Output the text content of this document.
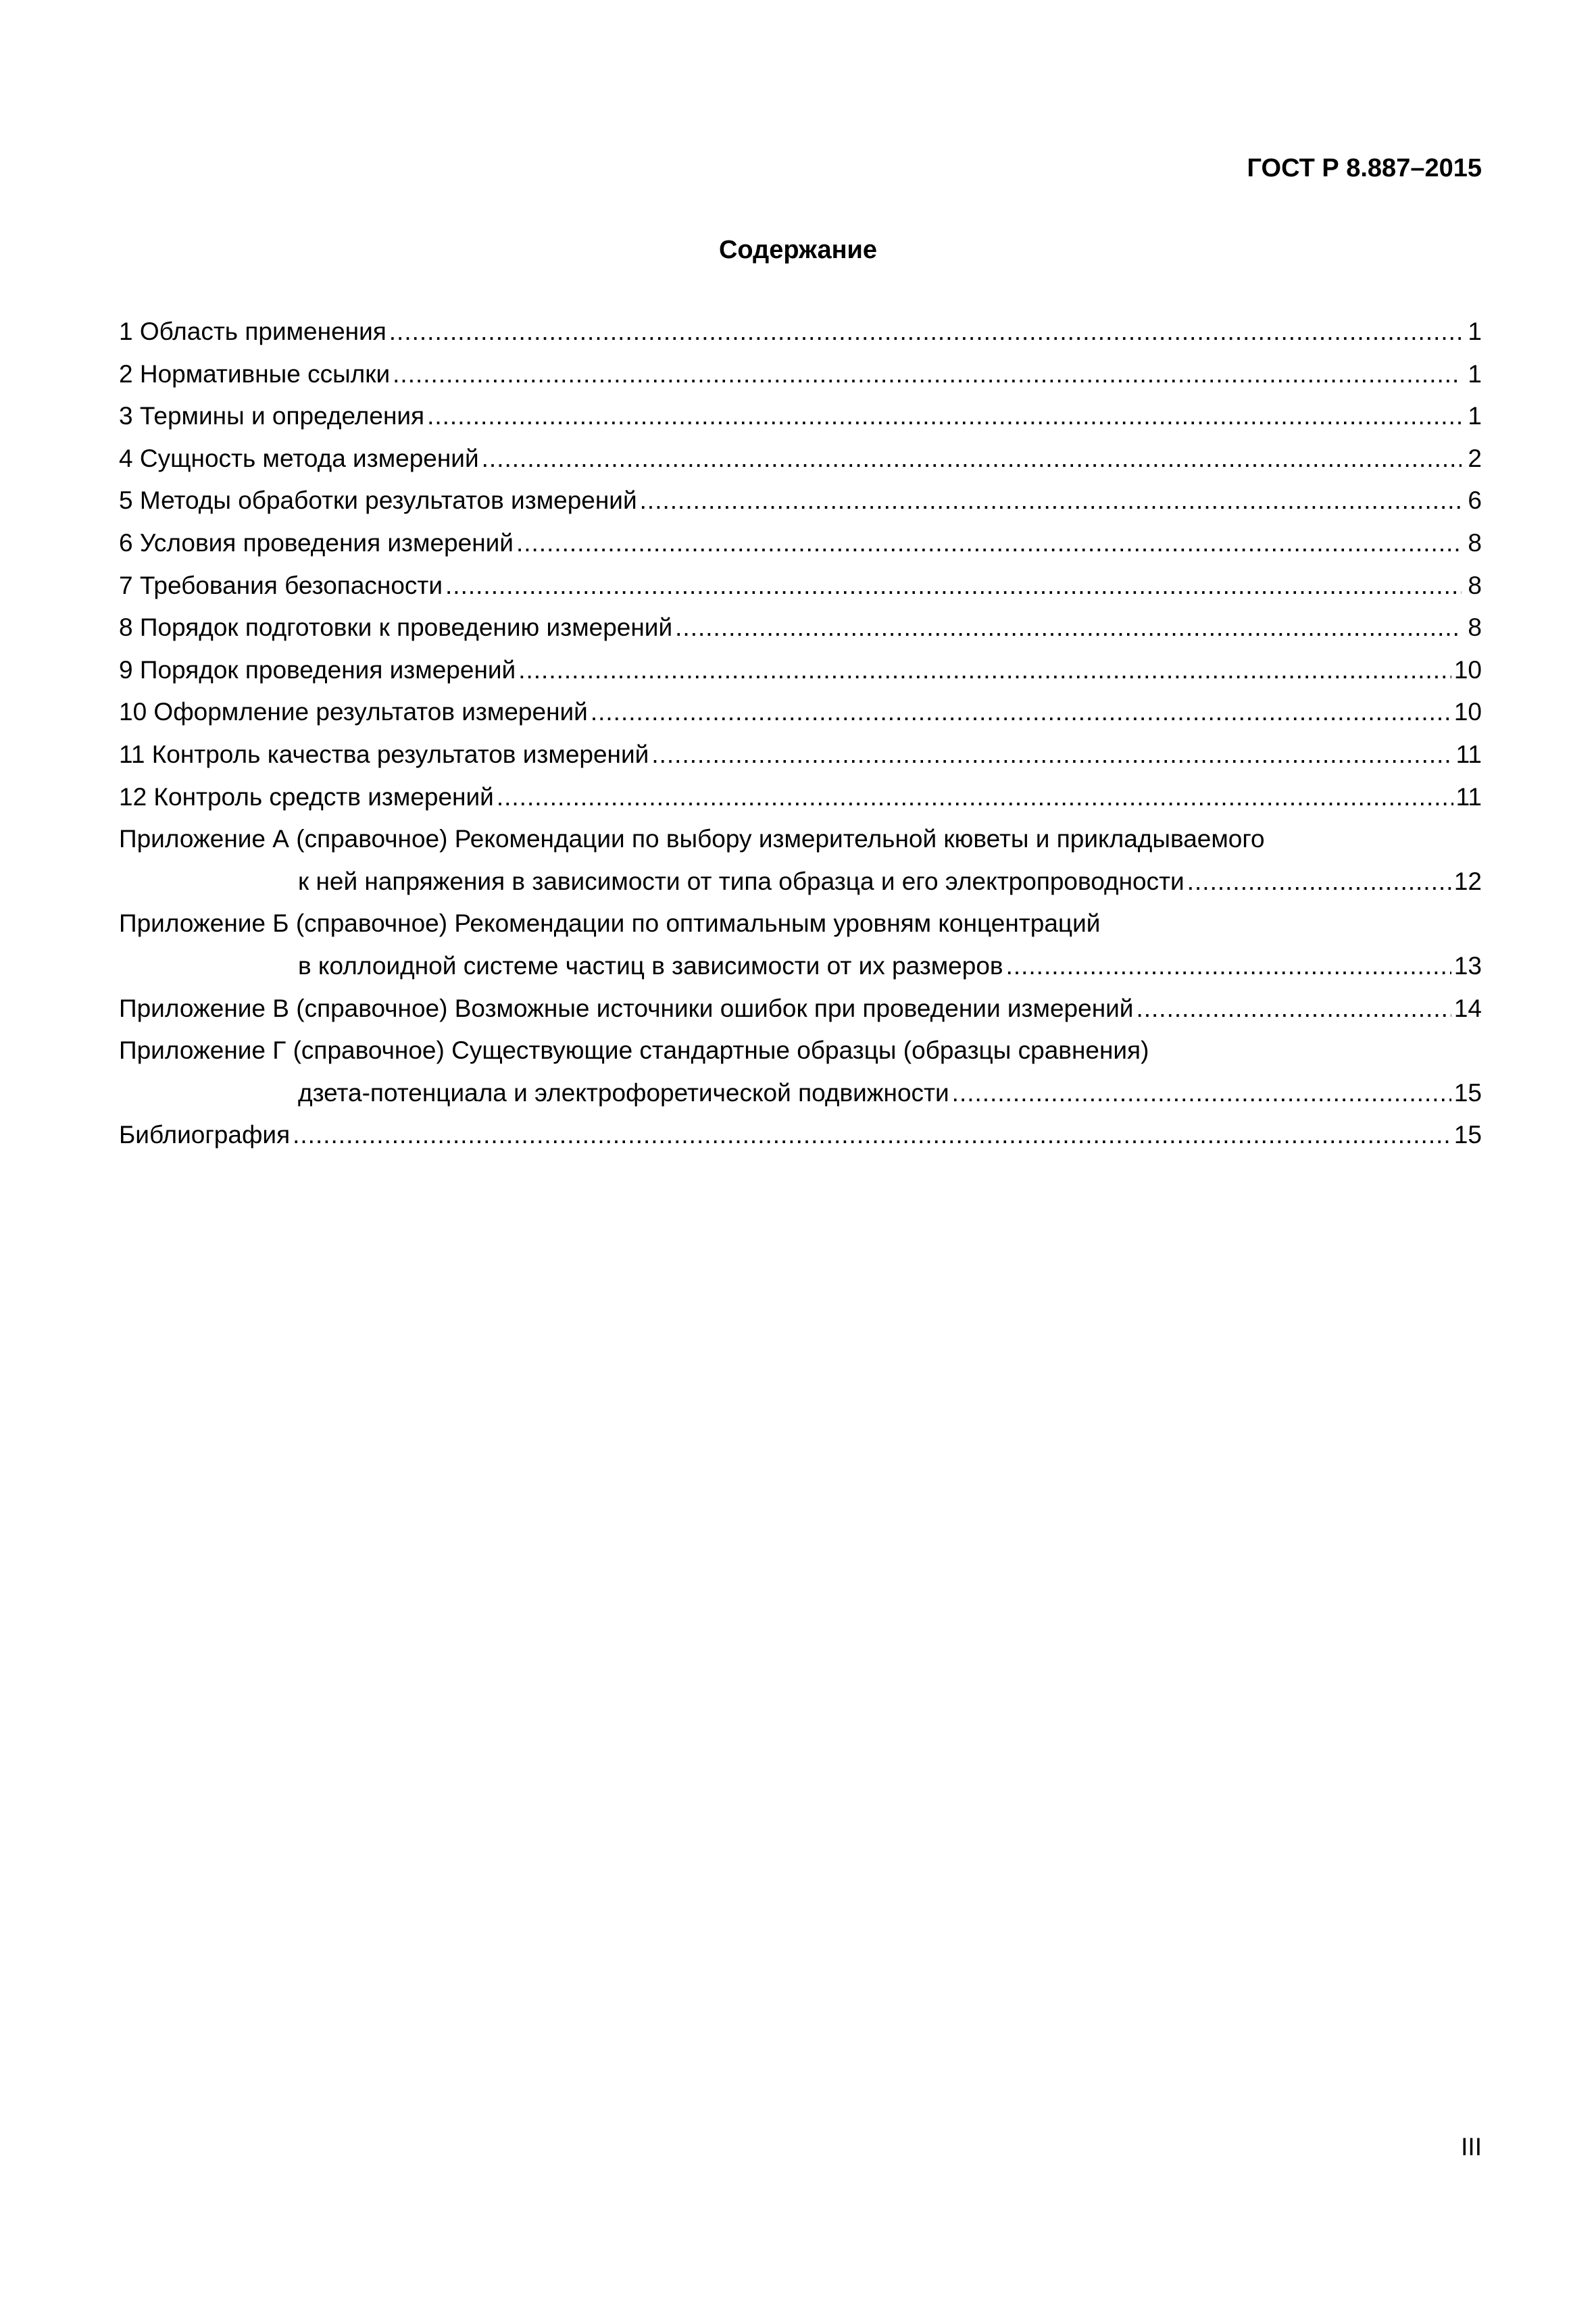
ГОСТ Р 8.887–2015
Содержание
1 Область применения .....	1
2 Нормативные ссылки .....	1
3 Термины и определения .....	1
4 Сущность метода измерений .....	2
5 Методы обработки результатов измерений .....	6
6 Условия проведения измерений .....	8
7 Требования безопасности .....	8
8 Порядок подготовки к проведению измерений .....	8
9 Порядок проведения измерений .....	10
10 Оформление результатов измерений .....	10
11 Контроль качества результатов измерений .....	11
12 Контроль средств измерений .....	11
Приложение А (справочное) Рекомендации по выбору измерительной кюветы и прикладываемого
к ней напряжения в зависимости от типа образца и его электропроводности .....	12
Приложение Б (справочное) Рекомендации по оптимальным уровням концентраций
в коллоидной системе частиц в зависимости от их размеров .....	13
Приложение В (справочное) Возможные источники ошибок при проведении измерений .....	14
Приложение Г (справочное) Существующие стандартные образцы (образцы сравнения)
дзета-потенциала и электрофоретической подвижности .....	15
Библиография .....	15
III
